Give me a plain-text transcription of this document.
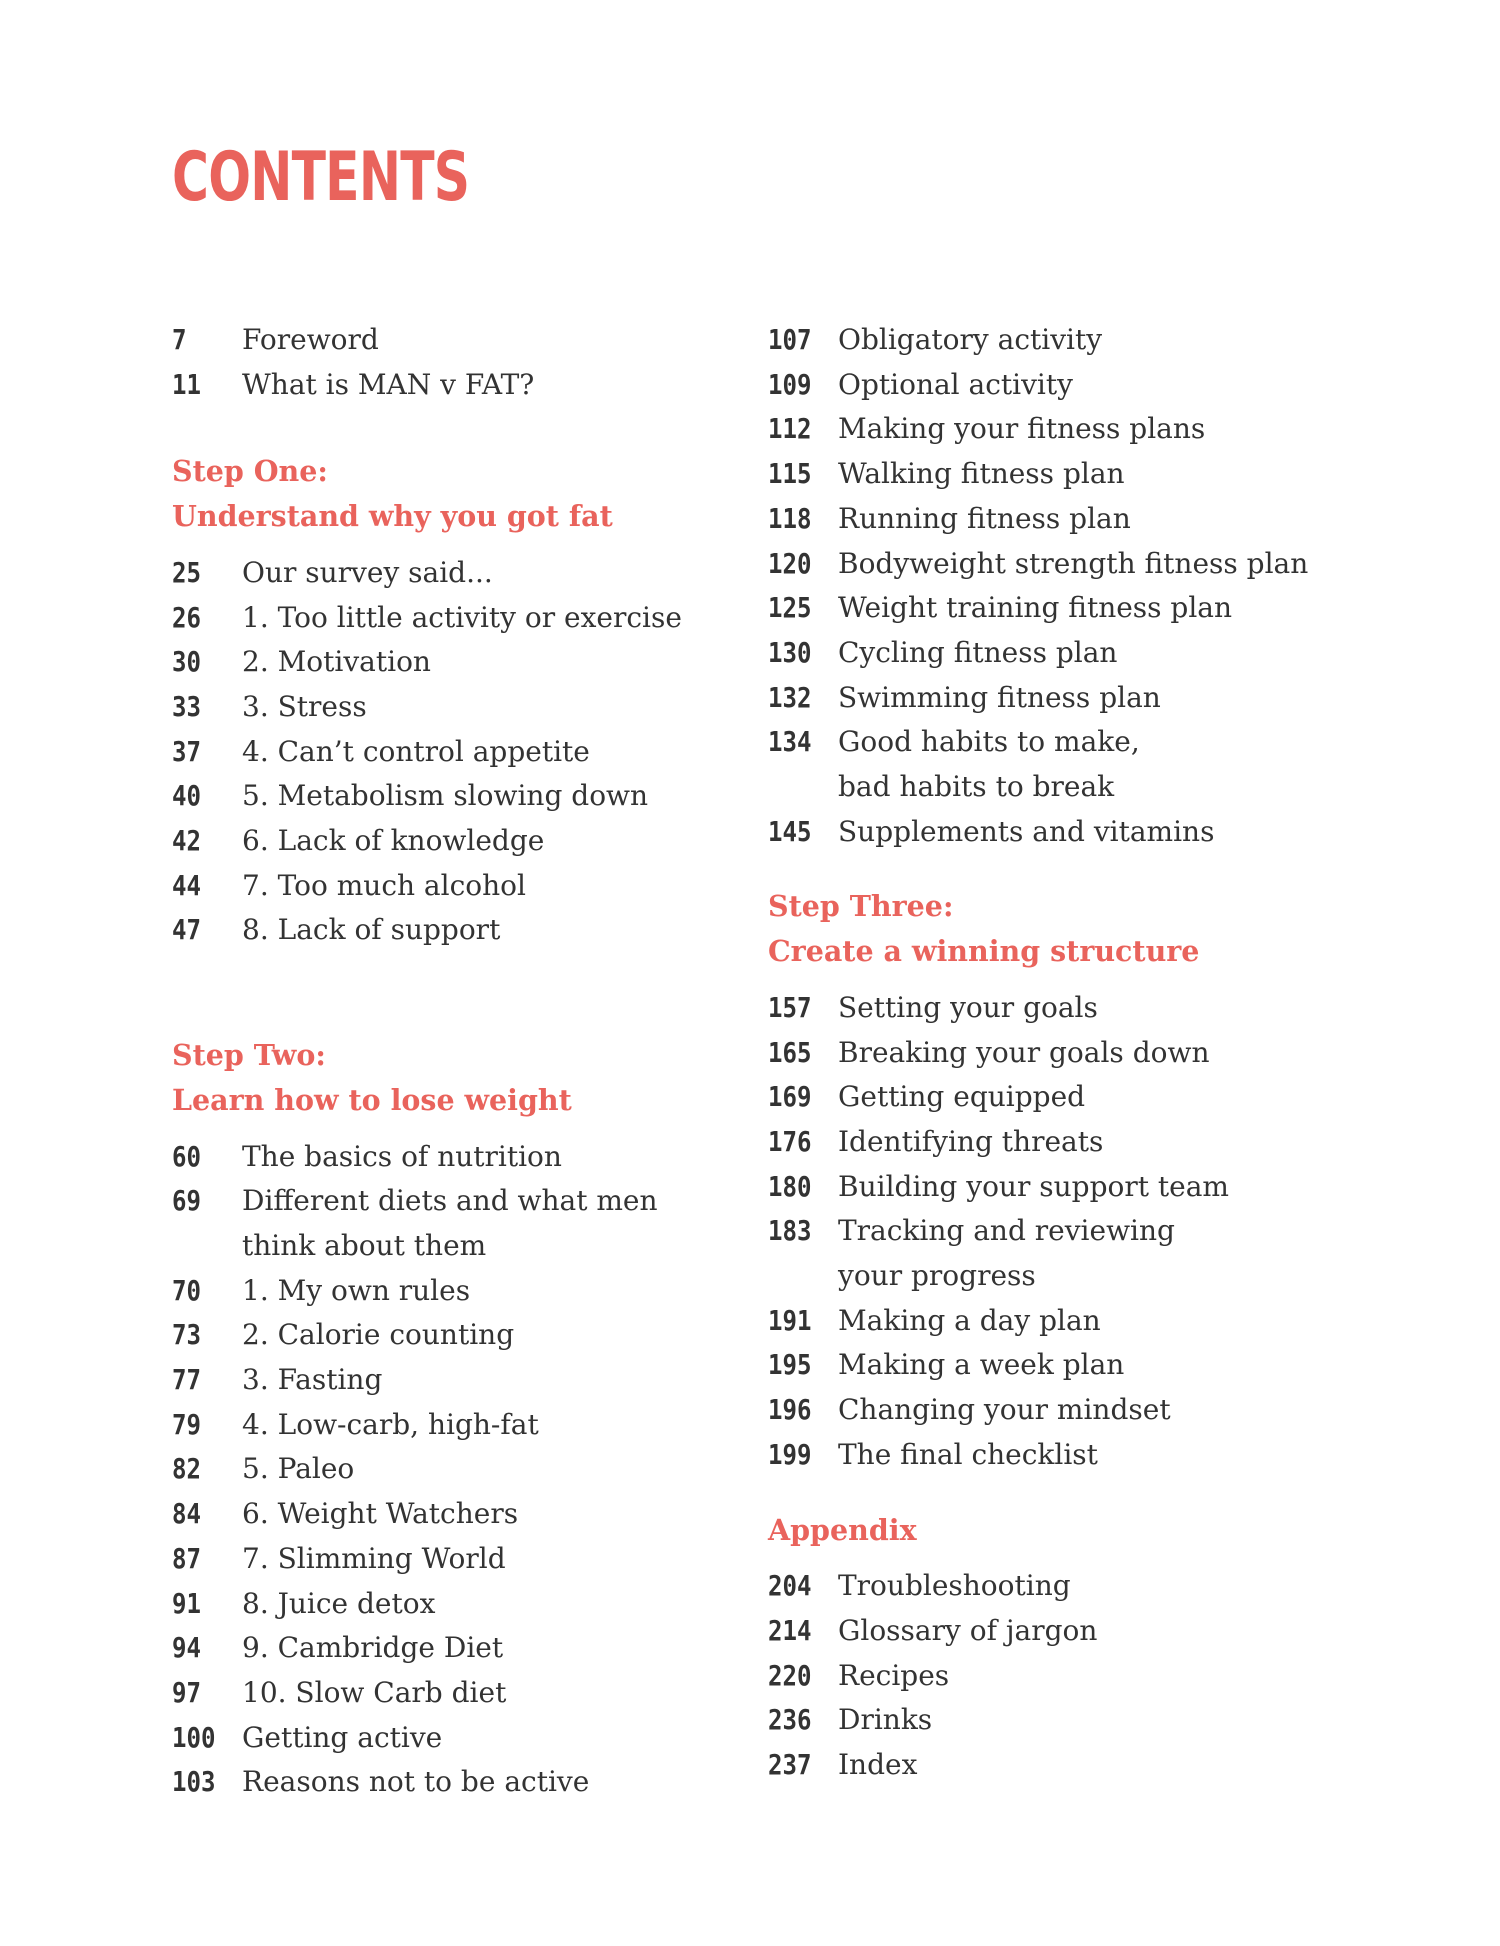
CONTENTS
7	Foreword
11	What is MAN v FAT?
Step One:
Understand why you got fat
25	Our survey said...
26	1. Too little activity or exercise
30	2. Motivation
33	3. Stress
37	4. Can’t control appetite
40	5. Metabolism slowing down
42	6. Lack of knowledge
44	7. Too much alcohol
47	8. Lack of support
Step Two:
Learn how to lose weight
60	The basics of nutrition
69	Different diets and what men
think about them
70	1. My own rules
73	2. Calorie counting
77	3. Fasting
79	4. Low-carb, high-fat
82	5. Paleo
84	6. Weight Watchers
87	7. Slimming World
91	8. Juice detox
94	9. Cambridge Diet
97	10. Slow Carb diet
100 Getting active
103 Reasons not to be active
107 Obligatory activity
109 Optional activity
112 Making your fitness plans
115 Walking fitness plan
118 Running fitness plan
120 Bodyweight strength fitness plan
125 Weight training fitness plan
130 Cycling fitness plan
132 Swimming fitness plan
134 Good habits to make,
bad habits to break
145 Supplements and vitamins
Step Three:
Create a winning structure
157 Setting your goals
165 Breaking your goals down
169 Getting equipped
176 Identifying threats
180 Building your support team
183 Tracking and reviewing
your progress
191 Making a day plan
195 Making a week plan
196 Changing your mindset
199 The final checklist
Appendix
204 Troubleshooting
214 Glossary of jargon
220 Recipes
236 Drinks
237 Index
